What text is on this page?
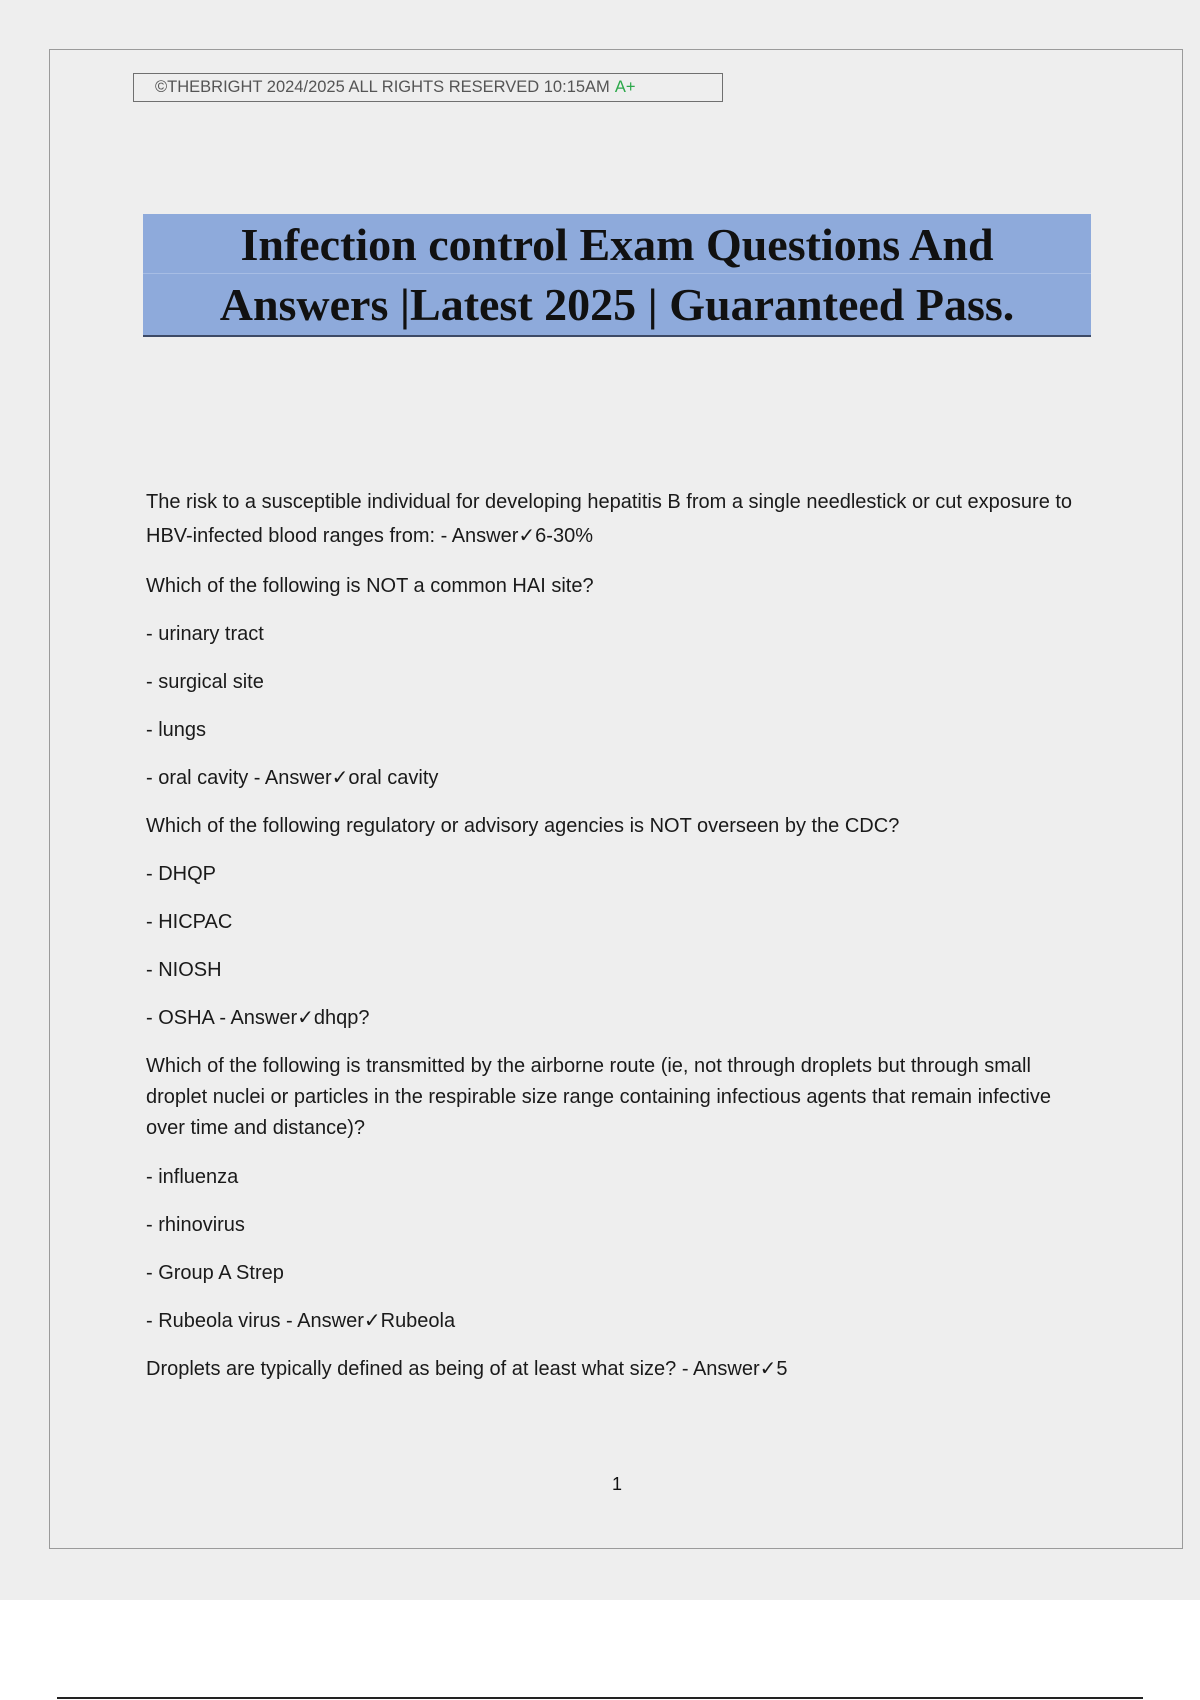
©THEBRIGHT 2024/2025 ALL RIGHTS RESERVED 10:15AM A+
Infection control Exam Questions And
Answers |Latest 2025 | Guaranteed Pass.

The risk to a susceptible individual for developing hepatitis B from a single needlestick or cut exposure to HBV-infected blood ranges from: - Answer✓6-30%

Which of the following is NOT a common HAI site?

- urinary tract

- surgical site

- lungs

- oral cavity - Answer✓oral cavity

Which of the following regulatory or advisory agencies is NOT overseen by the CDC?

- DHQP

- HICPAC

- NIOSH

- OSHA - Answer✓dhqp?

Which of the following is transmitted by the airborne route (ie, not through droplets but through small droplet nuclei or particles in the respirable size range containing infectious agents that remain infective over time and distance)?

- influenza

- rhinovirus

- Group A Strep

- Rubeola virus - Answer✓Rubeola

Droplets are typically defined as being of at least what size? - Answer✓5

1
